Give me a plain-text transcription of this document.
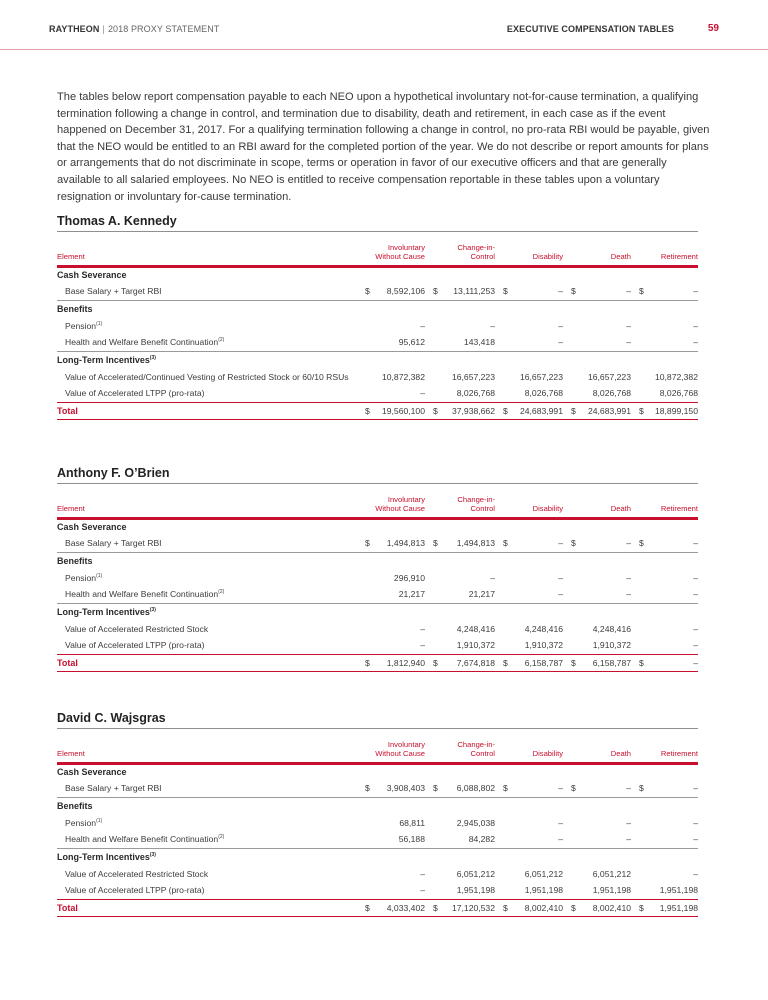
RAYTHEON | 2018 PROXY STATEMENT	EXECUTIVE COMPENSATION TABLES	59

The tables below report compensation payable to each NEO upon a hypothetical involuntary not-for-cause termination, a qualifying termination following a change in control, and termination due to disability, death and retirement, in each case as if the event happened on December 31, 2017. For a qualifying termination following a change in control, no pro-rata RBI would be payable, given that the NEO would be entitled to an RBI award for the completed portion of the year. We do not describe or report amounts for plans or arrangements that do not discriminate in scope, terms or operation in favor of our executive officers and that are generally available to all salaried employees. No NEO is entitled to receive compensation reportable in these tables upon a voluntary resignation or involuntary for-cause termination.

Thomas A. Kennedy
Element	Involuntary
Without Cause	Change-in-
Control	Disability	Death	Retirement
Cash Severance					
Base Salary + Target RBI	$ 8,592,106	$ 13,111,253	$ –	$ –	$ –

Benefits					
Pension$^{(1)}$	–	–	–	–	–

Health and Welfare Benefit Continuation$^{(2)}$	95,612	143,418	–	–	–

Long-Term Incentives$^{(3)}$
Value of Accelerated/Continued Vesting of Restricted Stock or 60/10 RSUs	10,872,382	16,657,223	16,657,223	16,657,223	10,872,382

Value of Accelerated LTPP (pro-rata)	–	8,026,768	8,026,768	8,026,768	8,026,768

Total	$ 19,560,100	$ 37,938,662	$ 24,683,991	$ 24,683,991	$ 18,899,150
Anthony F. O’Brien
Element	Involuntary
Without Cause	Change-in-
Control	Disability	Death	Retirement
Cash Severance					
Base Salary + Target RBI	$ 1,494,813	$ 1,494,813	$ –	$ –	$ –

Benefits					
Pension$^{(1)}$	296,910	–	–	–	–

Health and Welfare Benefit Continuation$^{(2)}$	21,217	21,217	–	–	–

Long-Term Incentives$^{(3)}$
Value of Accelerated Restricted Stock	–	4,248,416	4,248,416	4,248,416	–

Value of Accelerated LTPP (pro-rata)	–	1,910,372	1,910,372	1,910,372	–

Total	$ 1,812,940	$ 7,674,818	$ 6,158,787	$ 6,158,787	$ –
David C. Wajsgras
Element	Involuntary
Without Cause	Change-in-
Control	Disability	Death	Retirement
Cash Severance					
Base Salary + Target RBI	$ 3,908,403	$ 6,088,802	$ –	$ –	$ –

Benefits					
Pension$^{(1)}$	68,811	2,945,038	–	–	–

Health and Welfare Benefit Continuation$^{(2)}$	56,188	84,282	–	–	–

Long-Term Incentives$^{(3)}$
Value of Accelerated Restricted Stock	–	6,051,212	6,051,212	6,051,212	–

Value of Accelerated LTPP (pro-rata)	–	1,951,198	1,951,198	1,951,198	1,951,198

Total	$ 4,033,402	$ 17,120,532	$ 8,002,410	$ 8,002,410	$ 1,951,198
